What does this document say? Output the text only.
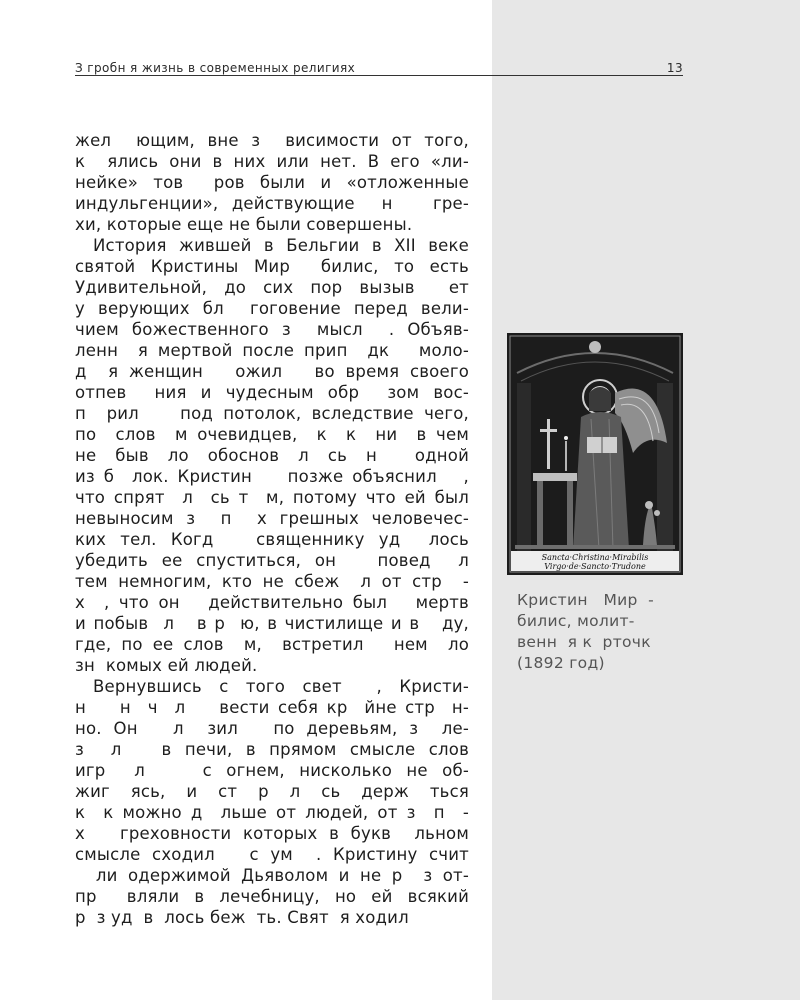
З гробн я жизнь в современных религиях	13
жел  ющим, вне з  висимости от того,
к  ялись они в них или нет. В его «ли-
нейке» тов  ров были и «отложенные
индульгенции», действующие  н   гре-
хи, которые еще не были совершены.
История жившей в Бельгии в XII веке
святой Кристины Мир  билис, то есть
Удивительной, до сих пор вызыв  ет
у верующих бл  гоговение перед вели-
чием божественного з  мысл  . Объяв-
ленн  я мертвой после прип  дк   моло-
д  я женщин   ожил   во время своего
отпев  ния и чудесным обр  зом вос-
п  рил    под потолок, вследствие чего,
по  слов  м очевидцев,  к  к  ни  в чем
не  быв  ло  обоснов  л  сь  н    одной
из б  лок. Кристин    позже объяснил   ,
что спрят  л  сь т  м, потому что ей был
невыносим з  п  х грешных человечес-
ких тел. Когд   священнику уд  лось
убедить ее спуститься, он   повед  л
тем немногим, кто не сбеж  л от стр  -
х  , что он   действительно был   мертв
и побыв  л   в р  ю, в чистилище и в   ду,
где, по ее слов  м,  встретил   нем  ло
зн  комых ей людей.
Вернувшись с того свет  , Кристи-
н    н  ч  л    вести себя кр  йне стр  н-
но. Он   л  зил   по деревьям, з  ле-
з  л   в печи, в прямом смысле слов
игр  л    с огнем, нисколько не об-
жиг  ясь,  и  ст  р  л  сь  держ  ться
к  к можно д  льше от людей, от з  п  -
х   греховности которых в букв  льном
смысле сходил   с ум  . Кристину счит
ли одержимой Дьяволом и не р  з от-
пр  вляли в лечебницу, но ей всякий
р  з уд  в  лось беж  ть. Свят  я ходил
Sancta·Christina·Mirabilis
Virgo·de·Sancto·Trudone
Кристин   Мир  -
билис, молит-
венн  я к  рточк
(1892 год)
